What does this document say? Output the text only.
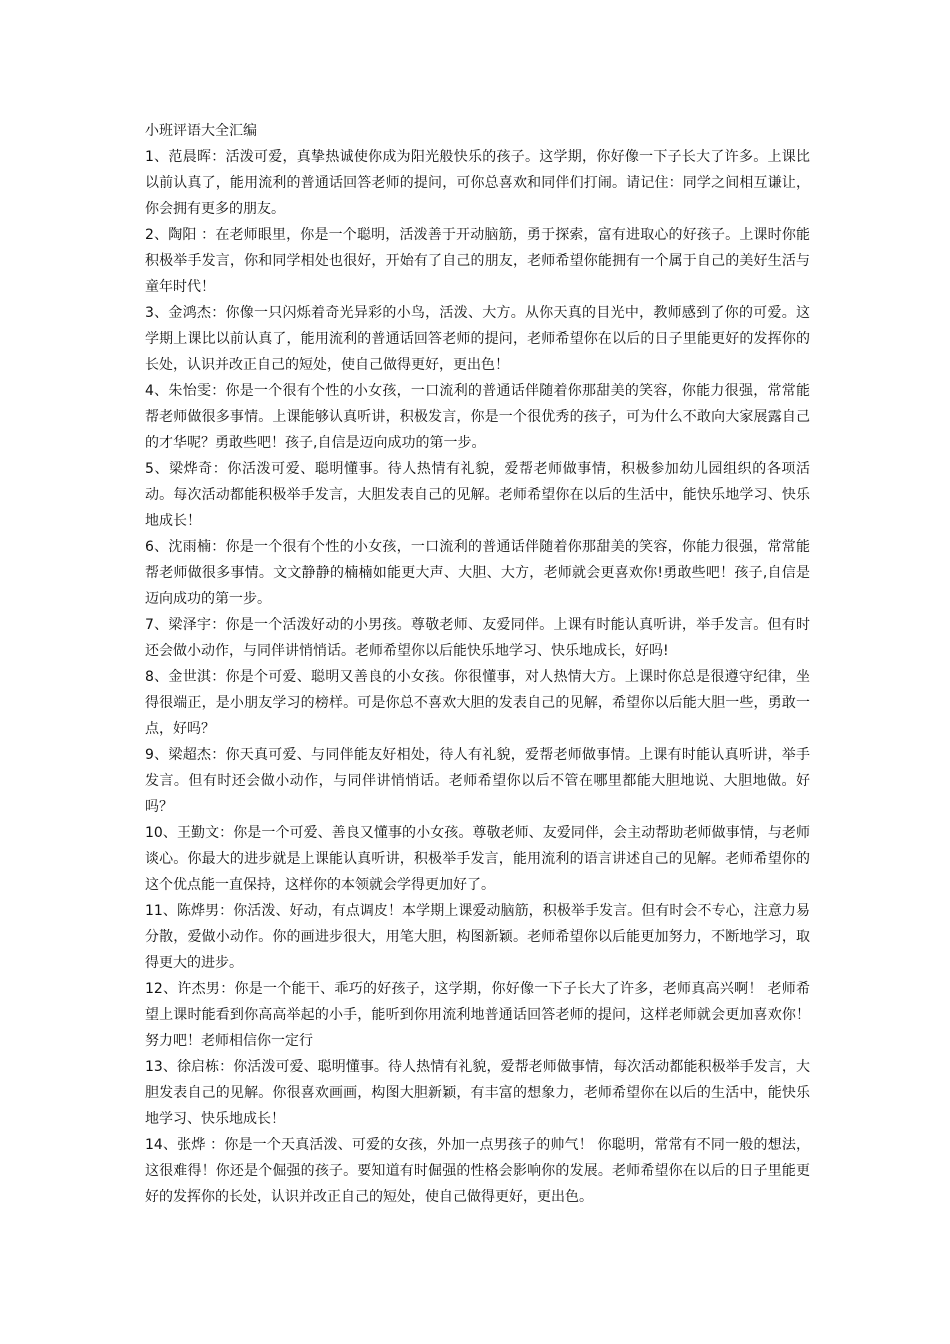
小班评语大全汇编

1、范晨晖：活泼可爱，真挚热诚使你成为阳光般快乐的孩子。这学期，你好像一下子长大了许多。上课比以前认真了，能用流利的普通话回答老师的提问，可你总喜欢和同伴们打闹。请记住：同学之间相互谦让，你会拥有更多的朋友。

2、陶阳 ：在老师眼里，你是一个聪明，活泼善于开动脑筋，勇于探索，富有进取心的好孩子。上课时你能积极举手发言，你和同学相处也很好，开始有了自己的朋友，老师希望你能拥有一个属于自己的美好生活与童年时代！

3、金鸿杰：你像一只闪烁着奇光异彩的小鸟，活泼、大方。从你天真的目光中，教师感到了你的可爱。这学期上课比以前认真了，能用流利的普通话回答老师的提问，老师希望你在以后的日子里能更好的发挥你的长处，认识并改正自己的短处，使自己做得更好，更出色！

4、朱怡雯：你是一个很有个性的小女孩，一口流利的普通话伴随着你那甜美的笑容，你能力很强，常常能帮老师做很多事情。上课能够认真听讲，积极发言，你是一个很优秀的孩子，可为什么不敢向大家展露自己的才华呢？勇敢些吧！孩子,自信是迈向成功的第一步。

5、梁烨奇：你活泼可爱、聪明懂事。待人热情有礼貌，爱帮老师做事情，积极参加幼儿园组织的各项活动。每次活动都能积极举手发言，大胆发表自己的见解。老师希望你在以后的生活中，能快乐地学习、快乐地成长！

6、沈雨楠：你是一个很有个性的小女孩，一口流利的普通话伴随着你那甜美的笑容，你能力很强，常常能帮老师做很多事情。文文静静的楠楠如能更大声、大胆、大方，老师就会更喜欢你!勇敢些吧！孩子,自信是迈向成功的第一步。

7、梁泽宇：你是一个活泼好动的小男孩。尊敬老师、友爱同伴。上课有时能认真听讲，举手发言。但有时还会做小动作，与同伴讲悄悄话。老师希望你以后能快乐地学习、快乐地成长，好吗!

8、金世淇：你是个可爱、聪明又善良的小女孩。你很懂事，对人热情大方。上课时你总是很遵守纪律，坐得很端正，是小朋友学习的榜样。可是你总不喜欢大胆的发表自己的见解，希望你以后能大胆一些，勇敢一点，好吗？

9、梁超杰：你天真可爱、与同伴能友好相处，待人有礼貌，爱帮老师做事情。上课有时能认真听讲，举手发言。但有时还会做小动作，与同伴讲悄悄话。老师希望你以后不管在哪里都能大胆地说、大胆地做。好吗？

10、王勤文：你是一个可爱、善良又懂事的小女孩。尊敬老师、友爱同伴，会主动帮助老师做事情，与老师谈心。你最大的进步就是上课能认真听讲，积极举手发言，能用流利的语言讲述自己的见解。老师希望你的这个优点能一直保持，这样你的本领就会学得更加好了。

11、陈烨男：你活泼、好动，有点调皮！本学期上课爱动脑筋，积极举手发言。但有时会不专心，注意力易分散，爱做小动作。你的画进步很大，用笔大胆，构图新颖。老师希望你以后能更加努力，不断地学习，取得更大的进步。

12、许杰男：你是一个能干、乖巧的好孩子，这学期，你好像一下子长大了许多，老师真高兴啊！ 老师希望上课时能看到你高高举起的小手，能听到你用流利地普通话回答老师的提问，这样老师就会更加喜欢你！努力吧！老师相信你一定行

13、徐启栋：你活泼可爱、聪明懂事。待人热情有礼貌，爱帮老师做事情，每次活动都能积极举手发言，大胆发表自己的见解。你很喜欢画画，构图大胆新颖，有丰富的想象力，老师希望你在以后的生活中，能快乐地学习、快乐地成长！

14、张烨 ：你是一个天真活泼、可爱的女孩，外加一点男孩子的帅气！ 你聪明，常常有不同一般的想法， 这很难得！你还是个倔强的孩子。要知道有时倔强的性格会影响你的发展。老师希望你在以后的日子里能更好的发挥你的长处，认识并改正自己的短处，使自己做得更好，更出色。
